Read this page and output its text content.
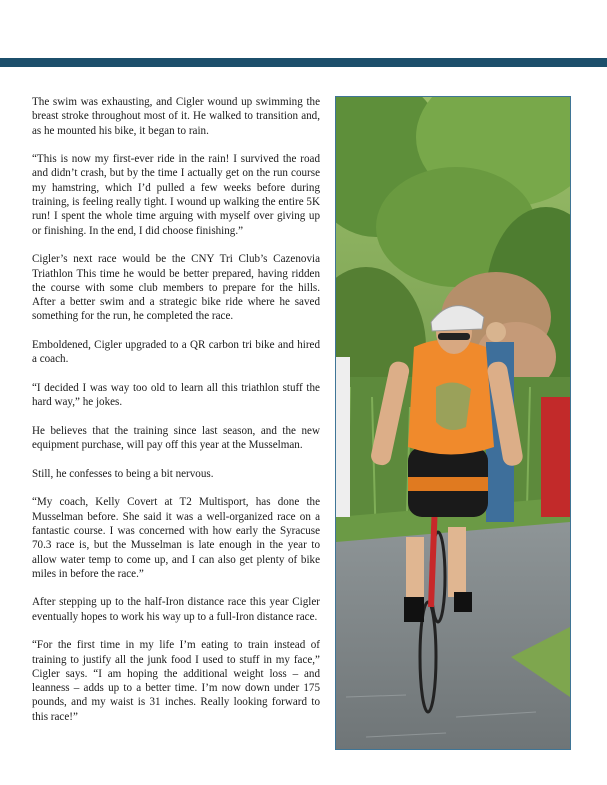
The swim was exhausting, and Cigler wound up swimming the breast stroke throughout most of it. He walked to transition and, as he mounted his bike, it began to rain.

“This is now my first-ever ride in the rain! I survived the road and didn’t crash, but by the time I actually get on the run course my hamstring, which I’d pulled a few weeks before during training, is feeling really tight. I wound up walking the entire 5K run! I spent the whole time arguing with myself over giving up or finishing. In the end, I did choose finishing.”

Cigler’s next race would be the CNY Tri Club’s Cazenovia Triathlon This time he would be better prepared, having ridden the course with some club members to prepare for the hills. After a better swim and a strategic bike ride where he saved something for the run, he completed the race.

Emboldened, Cigler upgraded to a QR carbon tri bike and hired a coach.

“I decided I was way too old to learn all this triathlon stuff the hard way,” he jokes.

He believes that the training since last season, and the new equipment purchase, will pay off this year at the Musselman.

Still, he confesses to being a bit nervous.

“My coach, Kelly Covert at T2 Multisport, has done the Musselman before. She said it was a well-organized race on a fantastic course. I was concerned with how early the Syracuse 70.3 race is, but the Musselman is late enough in the year to allow water temp to come up, and I can also get plenty of bike miles in before the race.”

After stepping up to the half-Iron distance race this year Cigler eventually hopes to work his way up to a full-Iron distance race.

“For the first time in my life I’m eating to train instead of training to justify all the junk food I used to stuff in my face,” Cigler says. “I am hoping the additional weight loss – and leanness – adds up to a better time. I’m now down under 175 pounds, and my waist is 31 inches. Really looking forward to this race!”
